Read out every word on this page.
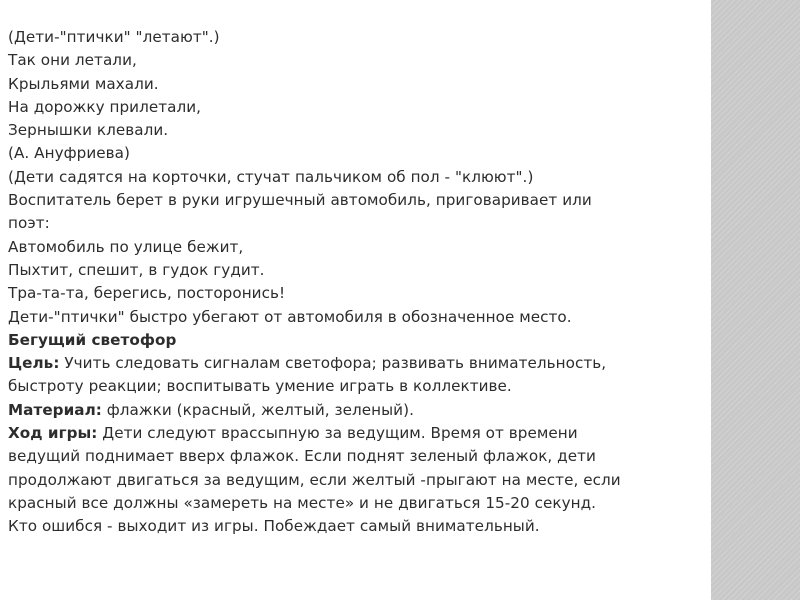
(Дети-"птички" "летают".)
Так они летали,
Крыльями махали.
На дорожку прилетали,
Зернышки клевали.
(А. Ануфриева)
(Дети садятся на корточки, стучат пальчиком об пол - "клюют".)
Воспитатель берет в руки игрушечный автомобиль, приговаривает или
поэт:
Автомобиль по улице бежит,
Пыхтит, спешит, в гудок гудит.
Тра-та-та, берегись, посторонись!
Дети-"птички" быстро убегают от автомобиля в обозначенное место.
Бегущий светофор
Цель: Учить следовать сигналам светофора; развивать внимательность,
быстроту реакции; воспитывать умение играть в коллективе.
Материал: флажки (красный, желтый, зеленый).
Ход игры: Дети следуют врассыпную за ведущим. Время от времени
ведущий поднимает вверх флажок. Если поднят зеленый флажок, дети
продолжают двигаться за ведущим, если желтый -прыгают на месте, если
красный все должны «замереть на месте» и не двигаться 15-20 секунд.
Кто ошибся - выходит из игры. Побеждает самый внимательный.
